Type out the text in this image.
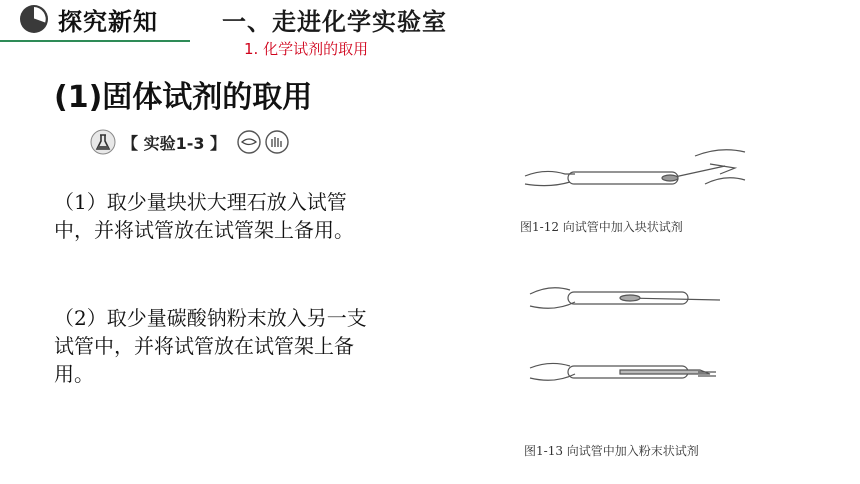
探究新知	一、走进化学实验室
1. 化学试剂的取用
(1)固体试剂的取用
【 实验1-3 】
（1）取少量块状大理石放入试管中，并将试管放在试管架上备用。
（2）取少量碳酸钠粉末放入另一支试管中，并将试管放在试管架上备用。
图1-12 向试管中加入块状试剂
图1-13 向试管中加入粉末状试剂
